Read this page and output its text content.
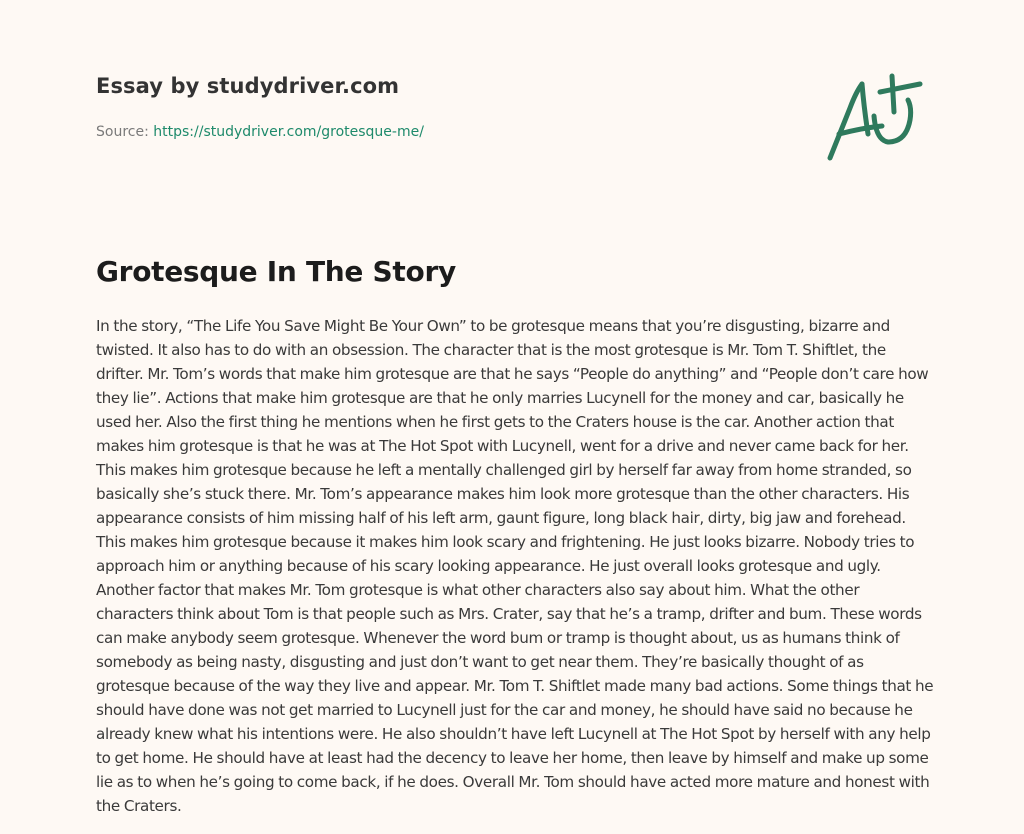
Essay by studydriver.com
Source: https://studydriver.com/grotesque-me/
Grotesque In The Story

In the story, “The Life You Save Might Be Your Own” to be grotesque means that you’re disgusting, bizarre and twisted. It also has to do with an obsession. The character that is the most grotesque is Mr. Tom T. Shiftlet, the drifter. Mr. Tom’s words that make him grotesque are that he says “People do anything” and “People don’t care how they lie”. Actions that make him grotesque are that he only marries Lucynell for the money and car, basically he used her. Also the first thing he mentions when he first gets to the Craters house is the car. Another action that makes him grotesque is that he was at The Hot Spot with Lucynell, went for a drive and never came back for her. This makes him grotesque because he left a mentally challenged girl by herself far away from home stranded, so basically she’s stuck there. Mr. Tom’s appearance makes him look more grotesque than the other characters. His appearance consists of him missing half of his left arm, gaunt figure, long black hair, dirty, big jaw and forehead. This makes him grotesque because it makes him look scary and frightening. He just looks bizarre. Nobody tries to approach him or anything because of his scary looking appearance. He just overall looks grotesque and ugly. Another factor that makes Mr. Tom grotesque is what other characters also say about him. What the other characters think about Tom is that people such as Mrs. Crater, say that he’s a tramp, drifter and bum. These words can make anybody seem grotesque. Whenever the word bum or tramp is thought about, us as humans think of somebody as being nasty, disgusting and just don’t want to get near them. They’re basically thought of as grotesque because of the way they live and appear. Mr. Tom T. Shiftlet made many bad actions. Some things that he should have done was not get married to Lucynell just for the car and money, he should have said no because he already knew what his intentions were. He also shouldn’t have left Lucynell at The Hot Spot by herself with any help to get home. He should have at least had the decency to leave her home, then leave by himself and make up some lie as to when he’s going to come back, if he does. Overall Mr. Tom should have acted more mature and honest with the Craters.
